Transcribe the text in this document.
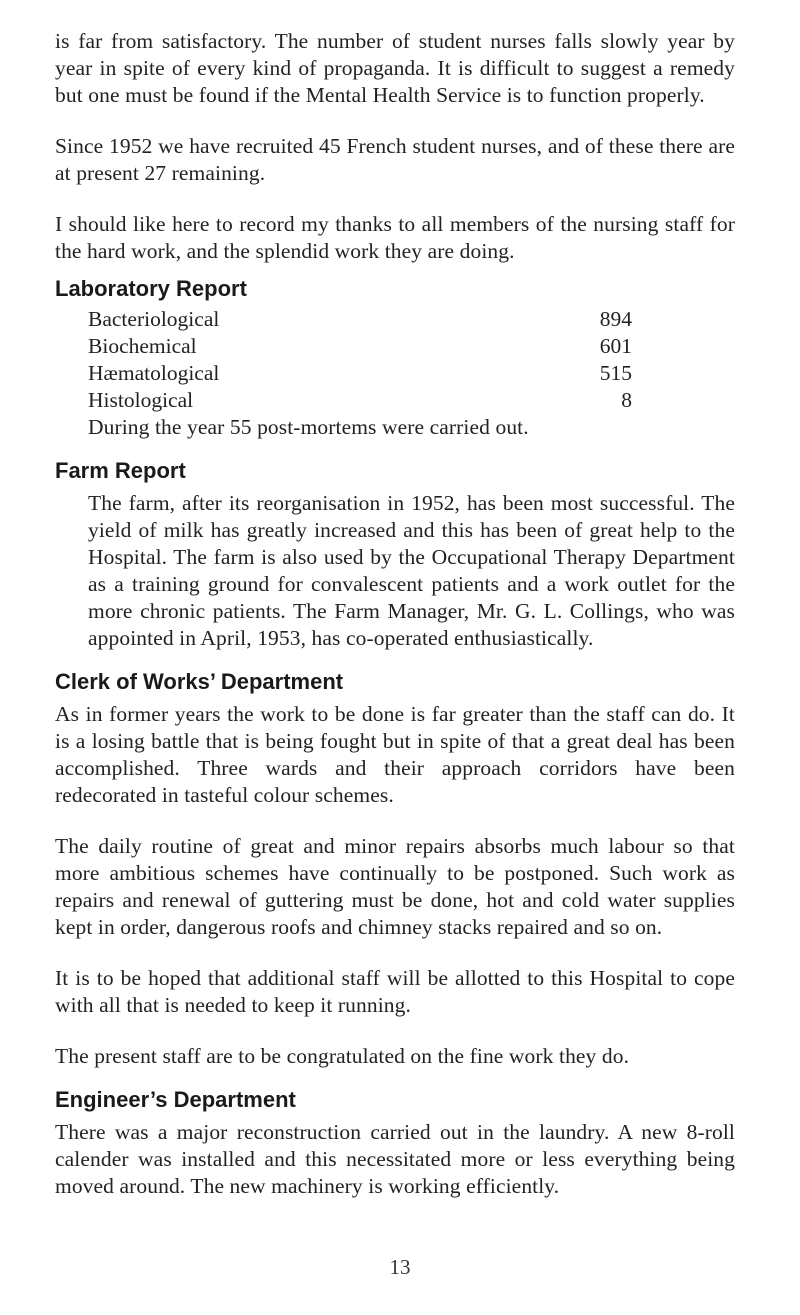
is far from satisfactory. The number of student nurses falls slowly year by year in spite of every kind of propaganda. It is difficult to suggest a remedy but one must be found if the Mental Health Service is to function properly.

Since 1952 we have recruited 45 French student nurses, and of these there are at present 27 remaining.

I should like here to record my thanks to all members of the nursing staff for the hard work, and the splendid work they are doing.

Laboratory Report
Bacteriological	894
Biochemical	601
Hæmatological	515
Histological	8

During the year 55 post-mortems were carried out.

Farm Report

The farm, after its reorganisation in 1952, has been most successful. The yield of milk has greatly increased and this has been of great help to the Hospital. The farm is also used by the Occupational Therapy Department as a training ground for convalescent patients and a work outlet for the more chronic patients. The Farm Manager, Mr. G. L. Collings, who was appointed in April, 1953, has co-operated enthusiastically.

Clerk of Works’ Department

As in former years the work to be done is far greater than the staff can do. It is a losing battle that is being fought but in spite of that a great deal has been accomplished. Three wards and their approach corridors have been redecorated in tasteful colour schemes.

The daily routine of great and minor repairs absorbs much labour so that more ambitious schemes have continually to be postponed. Such work as repairs and renewal of guttering must be done, hot and cold water supplies kept in order, dangerous roofs and chimney stacks repaired and so on.

It is to be hoped that additional staff will be allotted to this Hospital to cope with all that is needed to keep it running.

The present staff are to be congratulated on the fine work they do.

Engineer’s Department

There was a major reconstruction carried out in the laundry. A new 8-roll calender was installed and this necessitated more or less everything being moved around. The new machinery is working efficiently.

13
